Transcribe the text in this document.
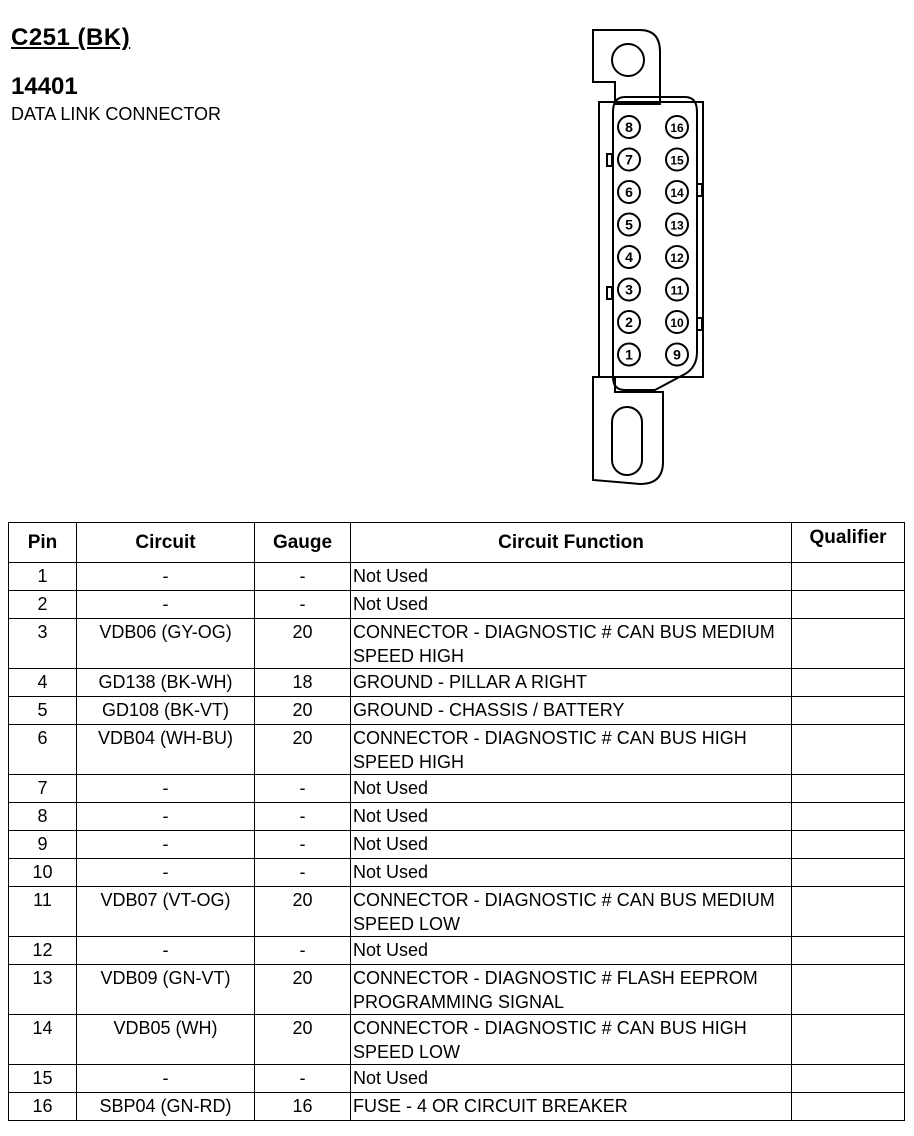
C251 (BK)
14401
DATA LINK CONNECTOR
8
7
6
5
4
3
2
1
16
15
14
13
12
11
10
9
Pin	Circuit	Gauge	Circuit Function	Qualifier
1	-	-	Not Used	
2	-	-	Not Used	
3	VDB06 (GY-OG)	20	CONNECTOR - DIAGNOSTIC # CAN BUS MEDIUM SPEED HIGH	
4	GD138 (BK-WH)	18	GROUND - PILLAR A RIGHT	
5	GD108 (BK-VT)	20	GROUND - CHASSIS / BATTERY	
6	VDB04 (WH-BU)	20	CONNECTOR - DIAGNOSTIC # CAN BUS HIGH SPEED HIGH	
7	-	-	Not Used	
8	-	-	Not Used	
9	-	-	Not Used	
10	-	-	Not Used	
11	VDB07 (VT-OG)	20	CONNECTOR - DIAGNOSTIC # CAN BUS MEDIUM SPEED LOW	
12	-	-	Not Used	
13	VDB09 (GN-VT)	20	CONNECTOR - DIAGNOSTIC # FLASH EEPROM PROGRAMMING SIGNAL	
14	VDB05 (WH)	20	CONNECTOR - DIAGNOSTIC # CAN BUS HIGH SPEED LOW	
15	-	-	Not Used	
16	SBP04 (GN-RD)	16	FUSE - 4 OR CIRCUIT BREAKER	
